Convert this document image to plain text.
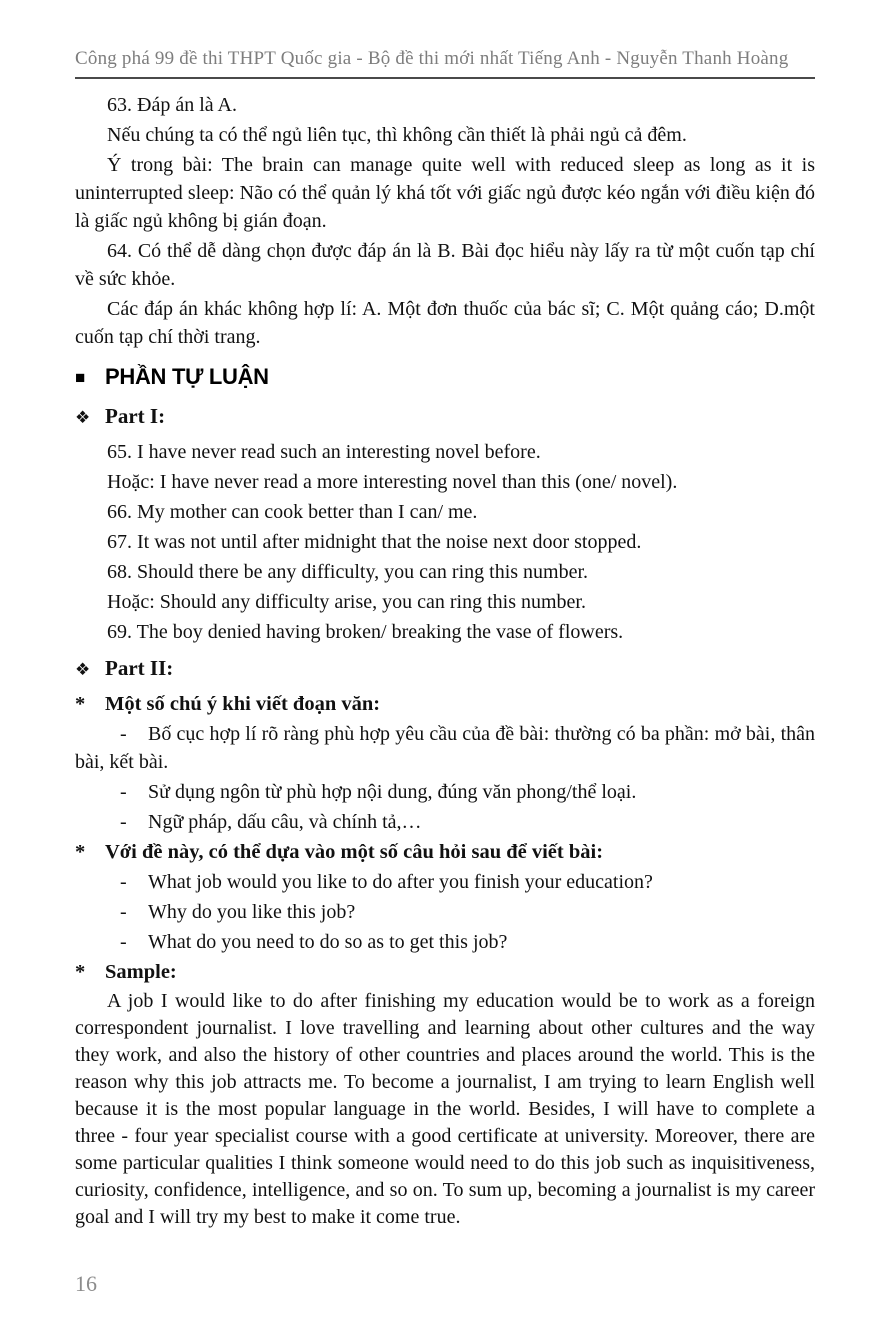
Công phá 99 đề thi THPT Quốc gia - Bộ đề thi mới nhất Tiếng Anh - Nguyễn Thanh Hoàng

63. Đáp án là A.

Nếu chúng ta có thể ngủ liên tục, thì không cần thiết là phải ngủ cả đêm.

Ý trong bài: The brain can manage quite well with reduced sleep as long as it is uninterrupted sleep: Não có thể quản lý khá tốt với giấc ngủ được kéo ngắn với điều kiện đó là giấc ngủ không bị gián đoạn.

64. Có thể dễ dàng chọn được đáp án là B. Bài đọc hiểu này lấy ra từ một cuốn tạp chí về sức khỏe.

Các đáp án khác không hợp lí: A. Một đơn thuốc của bác sĩ; C. Một quảng cáo; D.một cuốn tạp chí thời trang.

■ PHẦN TỰ LUẬN

❖ Part I:

65. I have never read such an interesting novel before.

Hoặc: I have never read a more interesting novel than this (one/ novel).

66. My mother can cook better than I can/ me.

67. It was not until after midnight that the noise next door stopped.

68. Should there be any difficulty, you can ring this number.

Hoặc: Should any difficulty arise, you can ring this number.

69. The boy denied having broken/ breaking the vase of flowers.

❖ Part II:

* Một số chú ý khi viết đoạn văn:

- Bố cục hợp lí rõ ràng phù hợp yêu cầu của đề bài: thường có ba phần: mở bài, thân bài, kết bài.

- Sử dụng ngôn từ phù hợp nội dung, đúng văn phong/thể loại.

- Ngữ pháp, dấu câu, và chính tả,…

* Với đề này, có thể dựa vào một số câu hỏi sau để viết bài:

- What job would you like to do after you finish your education?

- Why do you like this job?

- What do you need to do so as to get this job?

* Sample:

A job I would like to do after finishing my education would be to work as a foreign correspondent journalist. I love travelling and learning about other cultures and the way they work, and also the history of other countries and places around the world. This is the reason why this job attracts me. To become a journalist, I am trying to learn English well because it is the most popular language in the world. Besides, I will have to complete a three - four year specialist course with a good certificate at university. Moreover, there are some particular qualities I think someone would need to do this job such as inquisitiveness, curiosity, confidence, intelligence, and so on. To sum up, becoming a journalist is my career goal and I will try my best to make it come true.

16
